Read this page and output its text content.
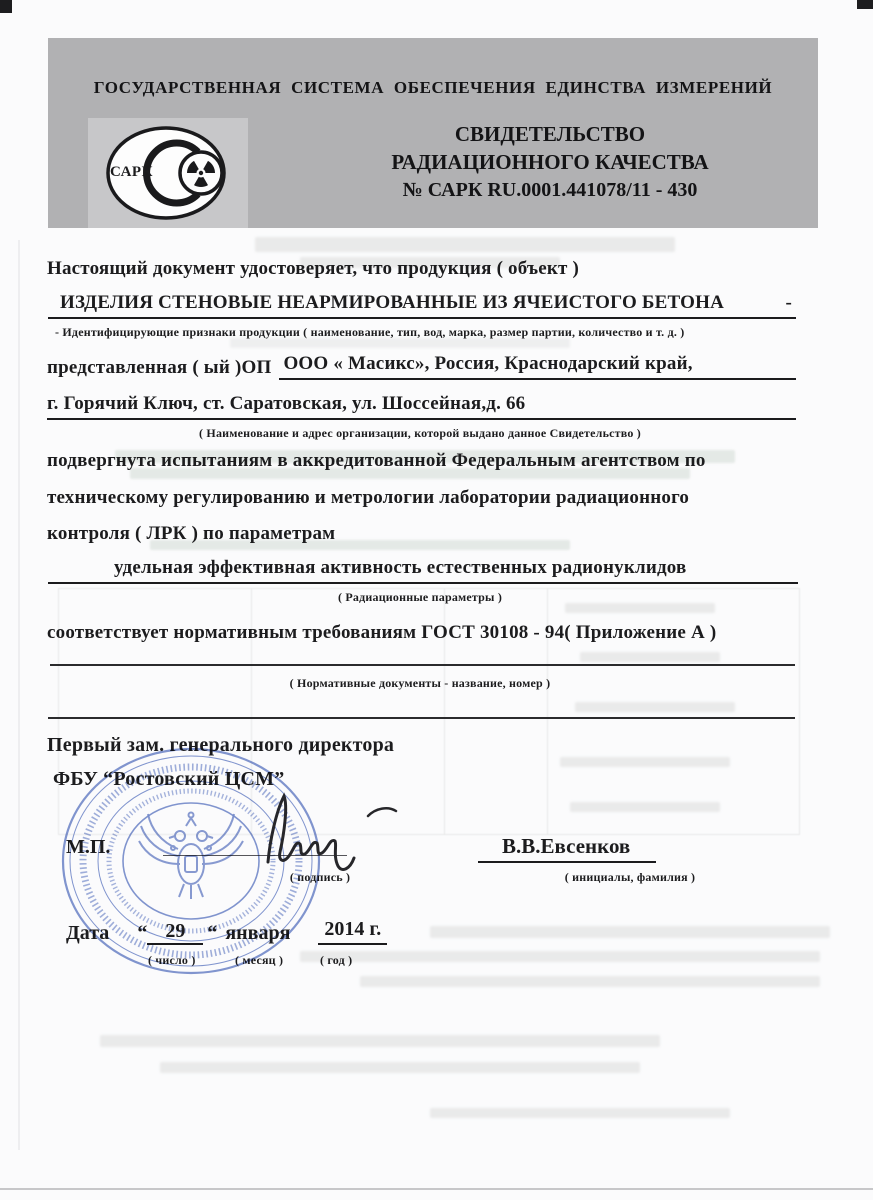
ГОСУДАРСТВЕННАЯ СИСТЕМА ОБЕСПЕЧЕНИЯ ЕДИНСТВА ИЗМЕРЕНИЙ
САРК
СВИДЕТЕЛЬСТВО
РАДИАЦИОННОГО КАЧЕСТВА
№ САРК RU.0001.441078/11 - 430
Настоящий документ удостоверяет, что продукция ( объект )
ИЗДЕЛИЯ СТЕНОВЫЕ НЕАРМИРОВАННЫЕ ИЗ ЯЧЕИСТОГО БЕТОНА	-
- Идентифицирующие признаки продукции ( наименование, тип, вод, марка, размер партии, количество и т. д. )
представленная ( ый )ОП ООО « Масикс», Россия, Краснодарский край,
г. Горячий Ключ, ст. Саратовская, ул. Шоссейная,д. 66
( Наименование и адрес организации, которой выдано данное Свидетельство )
подвергнута испытаниям в аккредитованной Федеральным агентством по
техническому регулированию и метрологии лаборатории радиационного
контроля ( ЛРК ) по параметрам
удельная эффективная активность естественных радионуклидов
( Радиационные параметры )
соответствует нормативным требованиям ГОСТ 30108 - 94( Приложение А )
( Нормативные документы - название, номер )
Первый зам. генерального директора
ФБУ “Ростовский ЦСМ”
М.П.
( подпись )
В.В.Евсенков
( инициалы, фамилия )
Дата “ 29	“ января	2014 г.
( число )	( месяц )	( год )
